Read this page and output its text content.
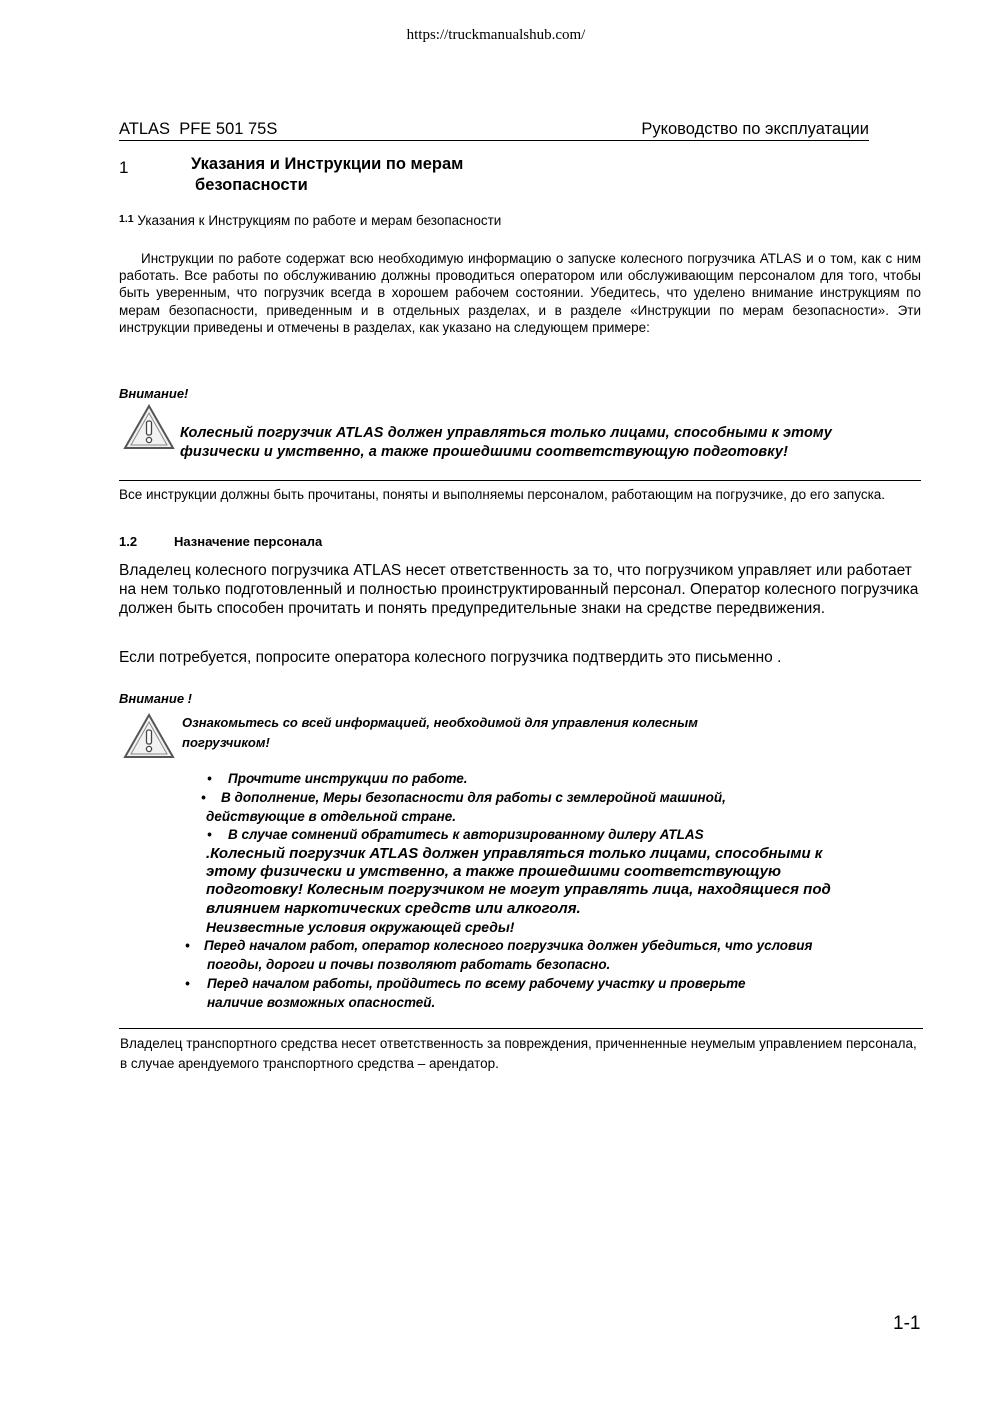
https://truckmanualshub.com/
ATLAS  PFE 501 75S	Руководство по эксплуатации
1	Указания и Инструкции по мерам
безопасности
$^{1.1}$ Указания к Инструкциям по работе и мерам безопасности
Инструкции по работе содержат всю необходимую информацию о запуске колесного погрузчика ATLAS и о том, как с ним работать. Все работы по обслуживанию должны проводиться оператором или обслуживающим персоналом для того, чтобы быть уверенным, что погрузчик всегда в хорошем рабочем состоянии. Убедитесь, что уделено внимание инструкциям по мерам безопасности, приведенным и в отдельных разделах, и в разделе «Инструкции по мерам безопасности». Эти инструкции приведены и отмечены в разделах, как указано на следующем примере:
Внимание!
Колесный погрузчик ATLAS должен управляться только лицами, способными к этому
физически и умственно, а также прошедшими соответствующую подготовку!
Все инструкции должны быть прочитаны, поняты и выполняемы персоналом, работающим на погрузчике, до его запуска.
1.2	Назначение персонала
Владелец колесного погрузчика ATLAS несет ответственность за то, что погрузчиком управляет или работает на нем только подготовленный и полностью проинструктированный персонал. Оператор колесного погрузчика должен быть способен прочитать и понять предупредительные знаки на средстве передвижения.
Если потребуется, попросите оператора колесного погрузчика подтвердить это письменно .
Внимание !
Ознакомьтесь со всей информацией, необходимой для управления колесным
погрузчиком!
• Прочтите инструкции по работе.
• В дополнение, Меры безопасности для работы с землеройной машиной,
действующие в отдельной стране.
• В случае сомнений обратитесь к авторизированному дилеру ATLAS
.Колесный погрузчик ATLAS должен управляться только лицами, способными к
этому физически и умственно, а также прошедшими соответствующую
подготовку! Колесным погрузчиком не могут управлять лица, находящиеся под
влиянием наркотических средств или алкоголя.
Неизвестные условия окружающей среды!
• Перед началом работ, оператор колесного погрузчика должен убедиться, что условия
погоды, дороги и почвы позволяют работать безопасно.
• Перед началом работы, пройдитесь по всему рабочему участку и проверьте
наличие возможных опасностей.
Владелец транспортного средства несет ответственность за повреждения, приченненные неумелым управлением персонала, в случае арендуемого транспортного средства – арендатор.
1-1
